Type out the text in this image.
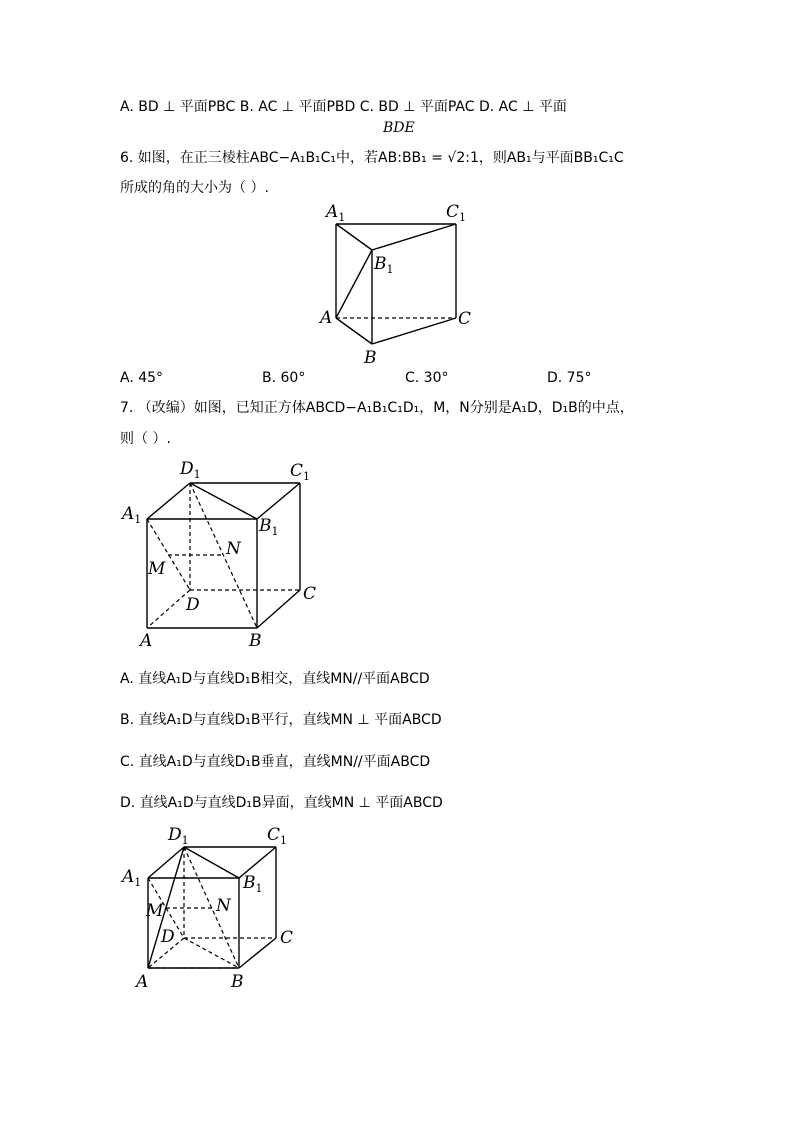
A. BD ⊥ 平面PBC B. AC ⊥ 平面PBD C. BD ⊥ 平面PAC D. AC ⊥ 平面
BDE
6. 如图，在正三棱柱ABC−A₁B₁C₁中，若AB:BB₁ = √2:1，则AB₁与平面BB₁C₁C
所成的角的大小为（ ）.
$A_1$	$C_1$
$B_1$
A	C
B
A. 45°	B. 60°	C. 30°	D. 75°
7. （改编）如图，已知正方体ABCD−A₁B₁C₁D₁，M，N分别是A₁D，D₁B的中点，
则（ ）.
$D_1$	$C_1$
$A_1$	$B_1$
N
M
D
C
A	B
A. 直线A₁D与直线D₁B相交，直线MN//平面ABCD
B. 直线A₁D与直线D₁B平行，直线MN ⊥ 平面ABCD
C. 直线A₁D与直线D₁B垂直，直线MN//平面ABCD
D. 直线A₁D与直线D₁B异面，直线MN ⊥ 平面ABCD
$D_1$	$C_1$
$A_1$	$B_1$
N
M
D	C
A	B
